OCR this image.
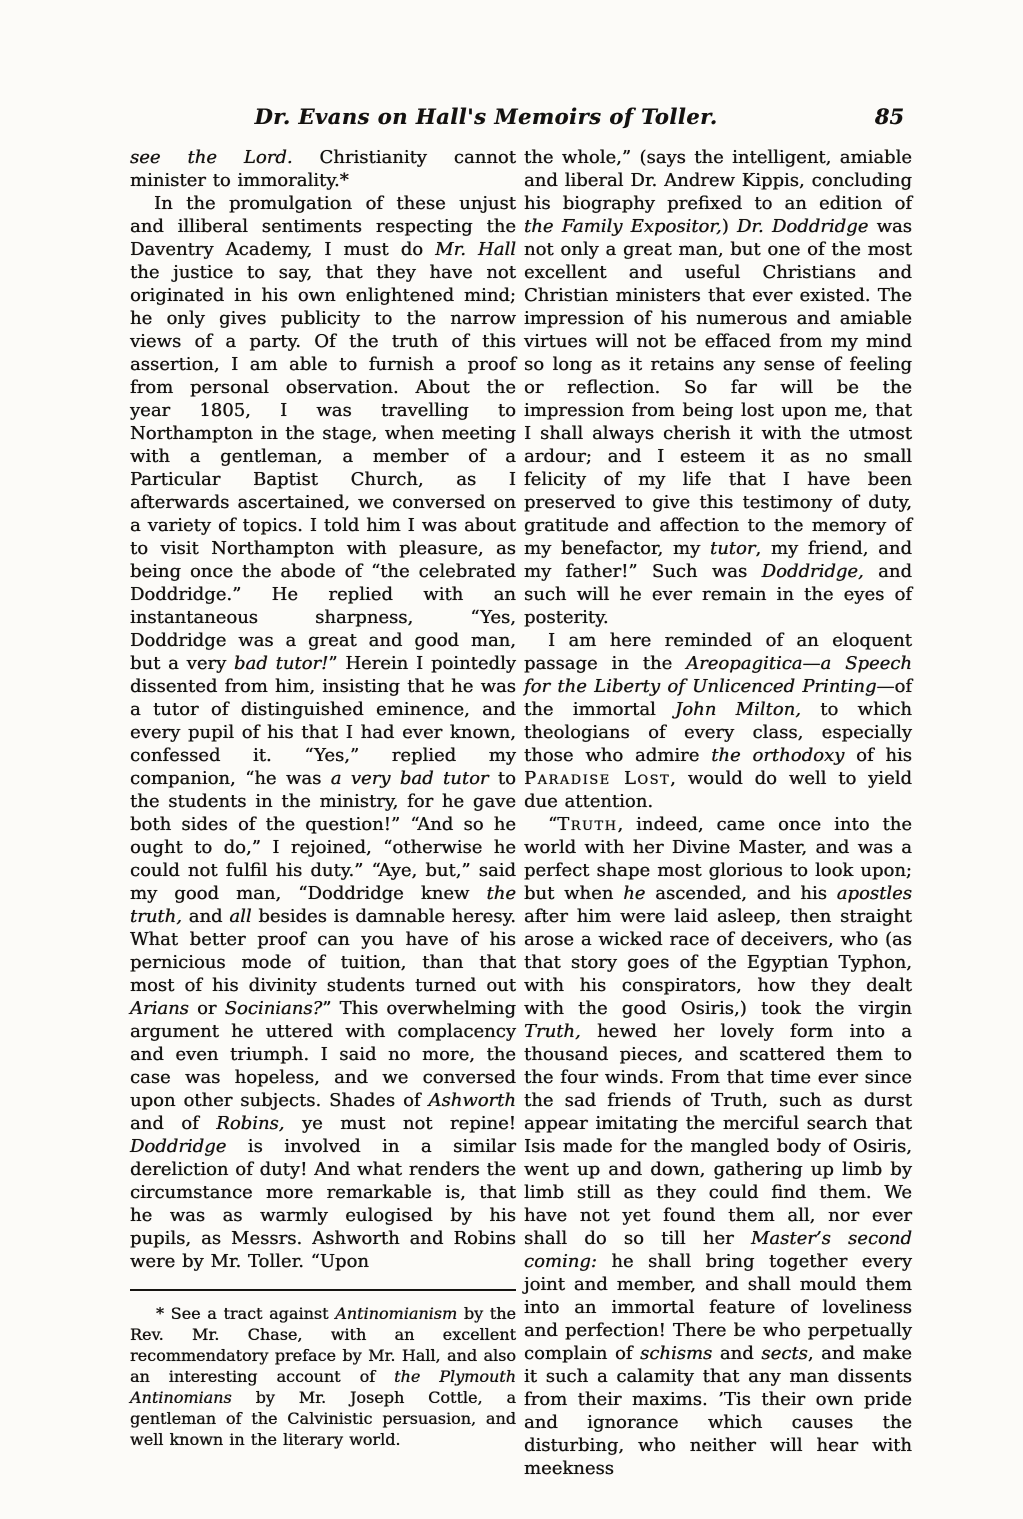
Dr. Evans on Hall's Memoirs of Toller.	85

see the Lord. Christianity cannot minister to immorality.*

In the promulgation of these unjust and illiberal sentiments respecting the Daventry Academy, I must do Mr. Hall the justice to say, that they have not originated in his own enlightened mind; he only gives publicity to the narrow views of a party. Of the truth of this assertion, I am able to furnish a proof from personal observation. About the year 1805, I was travelling to Northampton in the stage, when meeting with a gentleman, a member of a Particular Baptist Church, as I afterwards ascertained, we conversed on a variety of topics. I told him I was about to visit Northampton with pleasure, as being once the abode of “the celebrated Doddridge.” He replied with an instantaneous sharpness, “Yes, Doddridge was a great and good man, but a very bad tutor!” Herein I pointedly dissented from him, insisting that he was a tutor of distinguished eminence, and every pupil of his that I had ever known, confessed it. “Yes,” replied my companion, “he was a very bad tutor to the students in the ministry, for he gave both sides of the question!” “And so he ought to do,” I rejoined, “otherwise he could not fulfil his duty.” “Aye, but,” said my good man, “Doddridge knew the truth, and all besides is damnable heresy. What better proof can you have of his pernicious mode of tuition, than that most of his divinity students turned out Arians or Socinians?” This overwhelming argument he uttered with complacency and even triumph. I said no more, the case was hopeless, and we conversed upon other subjects. Shades of Ashworth and of Robins, ye must not repine! Doddridge is involved in a similar dereliction of duty! And what renders the circumstance more remarkable is, that he was as warmly eulogised by his pupils, as Messrs. Ashworth and Robins were by Mr. Toller. “Upon

* See a tract against Antinomianism by the Rev. Mr. Chase, with an excellent recommendatory preface by Mr. Hall, and also an interesting account of the Plymouth Antinomians by Mr. Joseph Cottle, a gentleman of the Calvinistic persuasion, and well known in the literary world.

the whole,” (says the intelligent, amiable and liberal Dr. Andrew Kippis, concluding his biography prefixed to an edition of the Family Expositor,) Dr. Doddridge was not only a great man, but one of the most excellent and useful Christians and Christian ministers that ever existed. The impression of his numerous and amiable virtues will not be effaced from my mind so long as it retains any sense of feeling or reflection. So far will be the impression from being lost upon me, that I shall always cherish it with the utmost ardour; and I esteem it as no small felicity of my life that I have been preserved to give this testimony of duty, gratitude and affection to the memory of my benefactor, my tutor, my friend, and my father!” Such was Doddridge, and such will he ever remain in the eyes of posterity.

I am here reminded of an eloquent passage in the Areopagitica—a Speech for the Liberty of Unlicenced Printing—of the immortal John Milton, to which theologians of every class, especially those who admire the orthodoxy of his Paradise Lost, would do well to yield due attention.

“Truth, indeed, came once into the world with her Divine Master, and was a perfect shape most glorious to look upon; but when he ascended, and his apostles after him were laid asleep, then straight arose a wicked race of deceivers, who (as that story goes of the Egyptian Typhon, with his conspirators, how they dealt with the good Osiris,) took the virgin Truth, hewed her lovely form into a thousand pieces, and scattered them to the four winds. From that time ever since the sad friends of Truth, such as durst appear imitating the merciful search that Isis made for the mangled body of Osiris, went up and down, gathering up limb by limb still as they could find them. We have not yet found them all, nor ever shall do so till her Master’s second coming: he shall bring together every joint and member, and shall mould them into an immortal feature of loveliness and perfection! There be who perpetually complain of schisms and sects, and make it such a calamity that any man dissents from their maxims. ’Tis their own pride and ignorance which causes the disturbing, who neither will hear with meekness
